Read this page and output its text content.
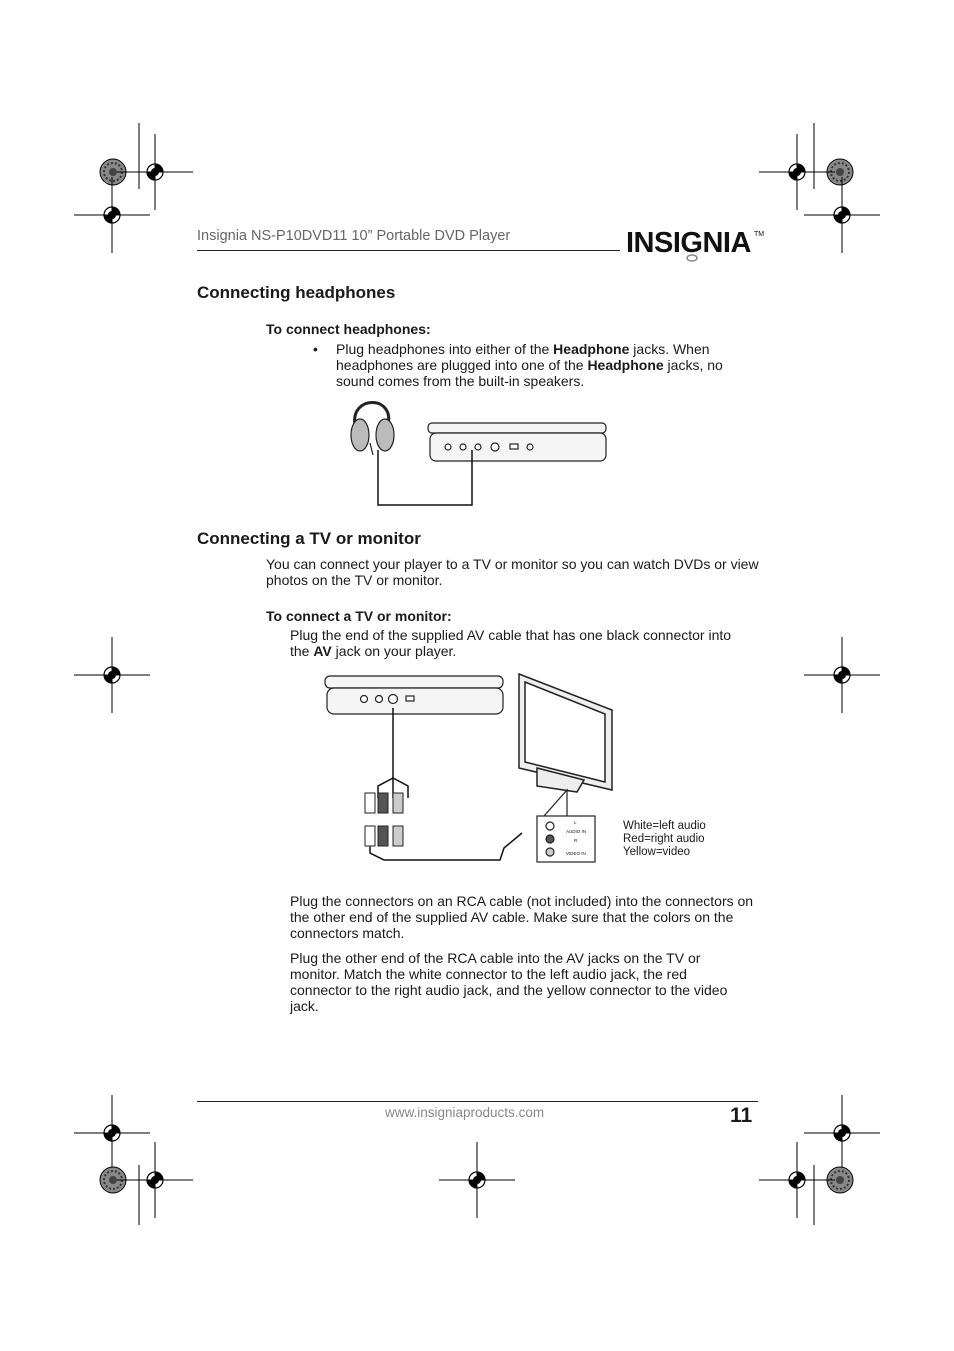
Insignia NS-P10DVD11 10” Portable DVD Player	INSIGNIA TM
Connecting headphones
To connect headphones:
• Plug headphones into either of the Headphone jacks. When headphones are plugged into one of the Headphone jacks, no sound comes from the built-in speakers.
Connecting a TV or monitor
You can connect your player to a TV or monitor so you can watch DVDs or view photos on the TV or monitor.
To connect a TV or monitor:
Plug the end of the supplied AV cable that has one black connector into the AV jack on your player.
L
AUDIO IN
R
VIDEO IN
White=left audio
Red=right audio
Yellow=video
Plug the connectors on an RCA cable (not included) into the connectors on the other end of the supplied AV cable. Make sure that the colors on the connectors match.
Plug the other end of the RCA cable into the AV jacks on the TV or monitor. Match the white connector to the left audio jack, the red connector to the right audio jack, and the yellow connector to the video jack.
www.insigniaproducts.com	11
